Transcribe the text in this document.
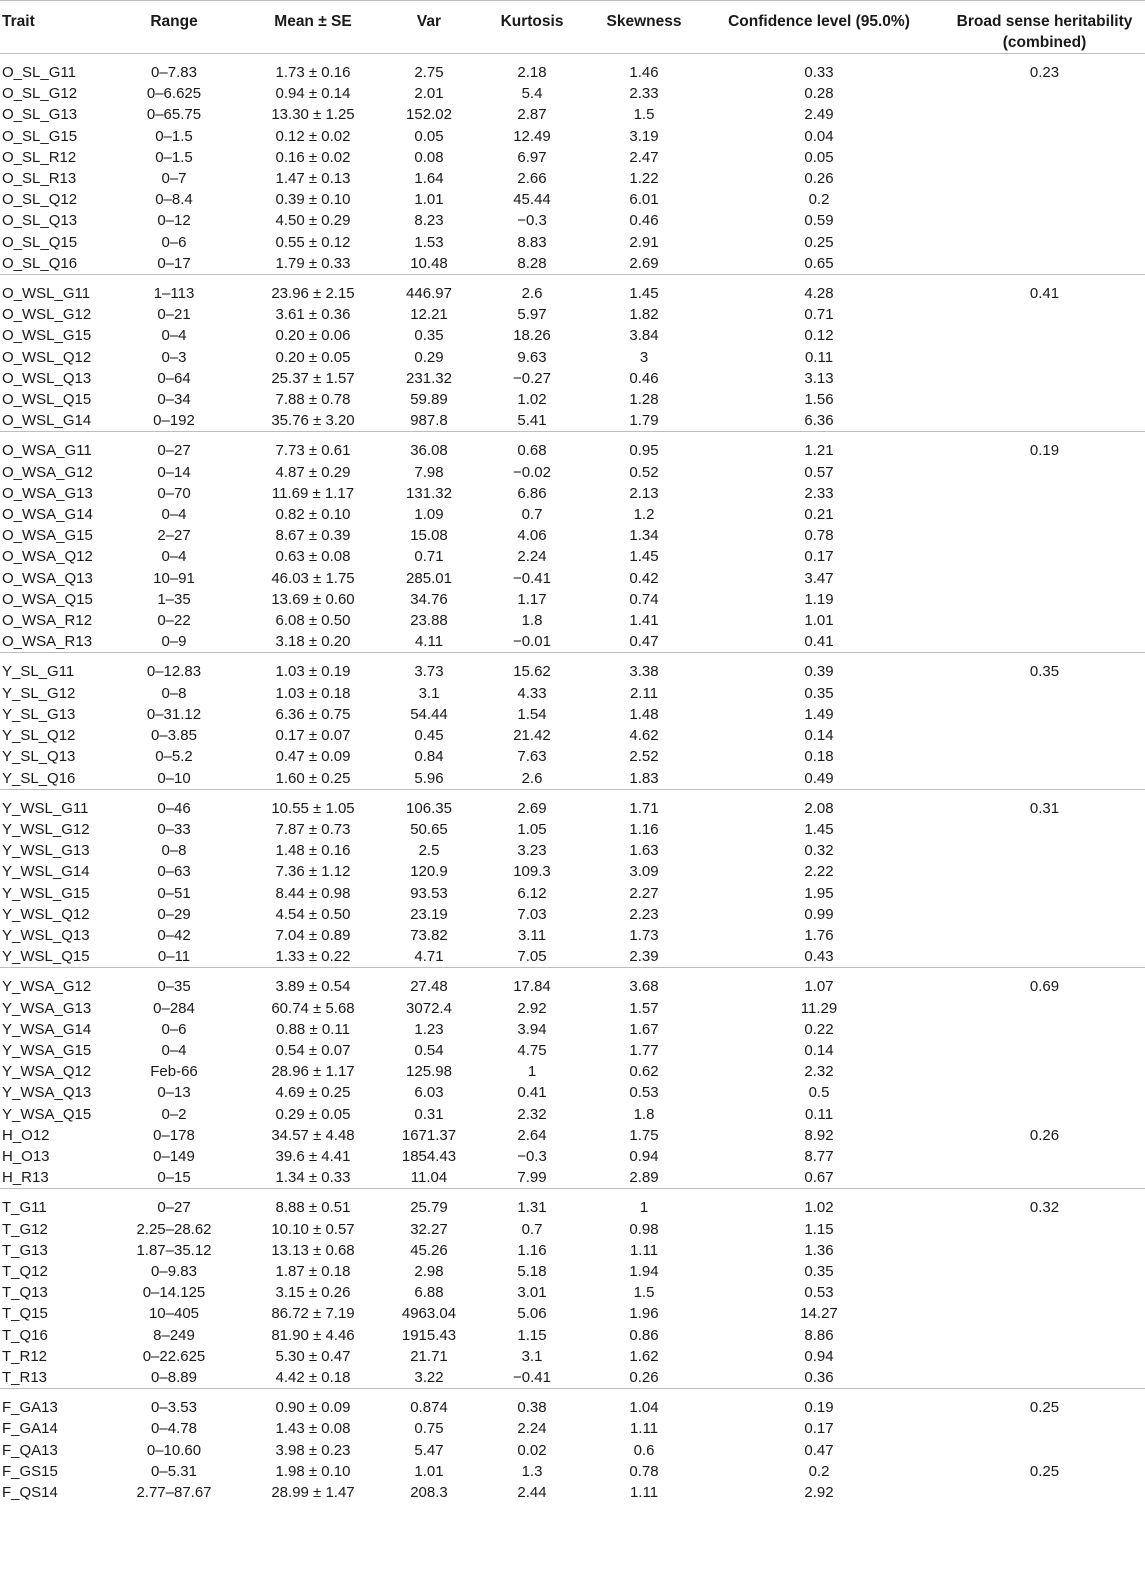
Trait	Range	Mean ± SE	Var	Kurtosis	Skewness	Confidence level (95.0%)	Broad sense heritability (combined)

O_SL_G11	0–7.83	1.73 ± 0.16	2.75	2.18	1.46	0.33	0.23
O_SL_G12	0–6.625	0.94 ± 0.14	2.01	5.4	2.33	0.28	
O_SL_G13	0–65.75	13.30 ± 1.25	152.02	2.87	1.5	2.49	
O_SL_G15	0–1.5	0.12 ± 0.02	0.05	12.49	3.19	0.04	
O_SL_R12	0–1.5	0.16 ± 0.02	0.08	6.97	2.47	0.05	
O_SL_R13	0–7	1.47 ± 0.13	1.64	2.66	1.22	0.26	
O_SL_Q12	0–8.4	0.39 ± 0.10	1.01	45.44	6.01	0.2	
O_SL_Q13	0–12	4.50 ± 0.29	8.23	−0.3	0.46	0.59	
O_SL_Q15	0–6	0.55 ± 0.12	1.53	8.83	2.91	0.25	
O_SL_Q16	0–17	1.79 ± 0.33	10.48	8.28	2.69	0.65	

O_WSL_G11	1–113	23.96 ± 2.15	446.97	2.6	1.45	4.28	0.41
O_WSL_G12	0–21	3.61 ± 0.36	12.21	5.97	1.82	0.71	
O_WSL_G15	0–4	0.20 ± 0.06	0.35	18.26	3.84	0.12	
O_WSL_Q12	0–3	0.20 ± 0.05	0.29	9.63	3	0.11	
O_WSL_Q13	0–64	25.37 ± 1.57	231.32	−0.27	0.46	3.13	
O_WSL_Q15	0–34	7.88 ± 0.78	59.89	1.02	1.28	1.56	
O_WSL_G14	0–192	35.76 ± 3.20	987.8	5.41	1.79	6.36	

O_WSA_G11	0–27	7.73 ± 0.61	36.08	0.68	0.95	1.21	0.19
O_WSA_G12	0–14	4.87 ± 0.29	7.98	−0.02	0.52	0.57	
O_WSA_G13	0–70	11.69 ± 1.17	131.32	6.86	2.13	2.33	
O_WSA_G14	0–4	0.82 ± 0.10	1.09	0.7	1.2	0.21	
O_WSA_G15	2–27	8.67 ± 0.39	15.08	4.06	1.34	0.78	
O_WSA_Q12	0–4	0.63 ± 0.08	0.71	2.24	1.45	0.17	
O_WSA_Q13	10–91	46.03 ± 1.75	285.01	−0.41	0.42	3.47	
O_WSA_Q15	1–35	13.69 ± 0.60	34.76	1.17	0.74	1.19	
O_WSA_R12	0–22	6.08 ± 0.50	23.88	1.8	1.41	1.01	
O_WSA_R13	0–9	3.18 ± 0.20	4.11	−0.01	0.47	0.41	

Y_SL_G11	0–12.83	1.03 ± 0.19	3.73	15.62	3.38	0.39	0.35
Y_SL_G12	0–8	1.03 ± 0.18	3.1	4.33	2.11	0.35	
Y_SL_G13	0–31.12	6.36 ± 0.75	54.44	1.54	1.48	1.49	
Y_SL_Q12	0–3.85	0.17 ± 0.07	0.45	21.42	4.62	0.14	
Y_SL_Q13	0–5.2	0.47 ± 0.09	0.84	7.63	2.52	0.18	
Y_SL_Q16	0–10	1.60 ± 0.25	5.96	2.6	1.83	0.49	

Y_WSL_G11	0–46	10.55 ± 1.05	106.35	2.69	1.71	2.08	0.31
Y_WSL_G12	0–33	7.87 ± 0.73	50.65	1.05	1.16	1.45	
Y_WSL_G13	0–8	1.48 ± 0.16	2.5	3.23	1.63	0.32	
Y_WSL_G14	0–63	7.36 ± 1.12	120.9	109.3	3.09	2.22	
Y_WSL_G15	0–51	8.44 ± 0.98	93.53	6.12	2.27	1.95	
Y_WSL_Q12	0–29	4.54 ± 0.50	23.19	7.03	2.23	0.99	
Y_WSL_Q13	0–42	7.04 ± 0.89	73.82	3.11	1.73	1.76	
Y_WSL_Q15	0–11	1.33 ± 0.22	4.71	7.05	2.39	0.43	

Y_WSA_G12	0–35	3.89 ± 0.54	27.48	17.84	3.68	1.07	0.69
Y_WSA_G13	0–284	60.74 ± 5.68	3072.4	2.92	1.57	11.29	
Y_WSA_G14	0–6	0.88 ± 0.11	1.23	3.94	1.67	0.22	
Y_WSA_G15	0–4	0.54 ± 0.07	0.54	4.75	1.77	0.14	
Y_WSA_Q12	Feb-66	28.96 ± 1.17	125.98	1	0.62	2.32	
Y_WSA_Q13	0–13	4.69 ± 0.25	6.03	0.41	0.53	0.5	
Y_WSA_Q15	0–2	0.29 ± 0.05	0.31	2.32	1.8	0.11	
H_O12	0–178	34.57 ± 4.48	1671.37	2.64	1.75	8.92	0.26
H_O13	0–149	39.6 ± 4.41	1854.43	−0.3	0.94	8.77	
H_R13	0–15	1.34 ± 0.33	11.04	7.99	2.89	0.67	

T_G11	0–27	8.88 ± 0.51	25.79	1.31	1	1.02	0.32
T_G12	2.25–28.62	10.10 ± 0.57	32.27	0.7	0.98	1.15	
T_G13	1.87–35.12	13.13 ± 0.68	45.26	1.16	1.11	1.36	
T_Q12	0–9.83	1.87 ± 0.18	2.98	5.18	1.94	0.35	
T_Q13	0–14.125	3.15 ± 0.26	6.88	3.01	1.5	0.53	
T_Q15	10–405	86.72 ± 7.19	4963.04	5.06	1.96	14.27	
T_Q16	8–249	81.90 ± 4.46	1915.43	1.15	0.86	8.86	
T_R12	0–22.625	5.30 ± 0.47	21.71	3.1	1.62	0.94	
T_R13	0–8.89	4.42 ± 0.18	3.22	−0.41	0.26	0.36	

F_GA13	0–3.53	0.90 ± 0.09	0.874	0.38	1.04	0.19	0.25
F_GA14	0–4.78	1.43 ± 0.08	0.75	2.24	1.11	0.17	
F_QA13	0–10.60	3.98 ± 0.23	5.47	0.02	0.6	0.47	
F_GS15	0–5.31	1.98 ± 0.10	1.01	1.3	0.78	0.2	0.25
F_QS14	2.77–87.67	28.99 ± 1.47	208.3	2.44	1.11	2.92	
